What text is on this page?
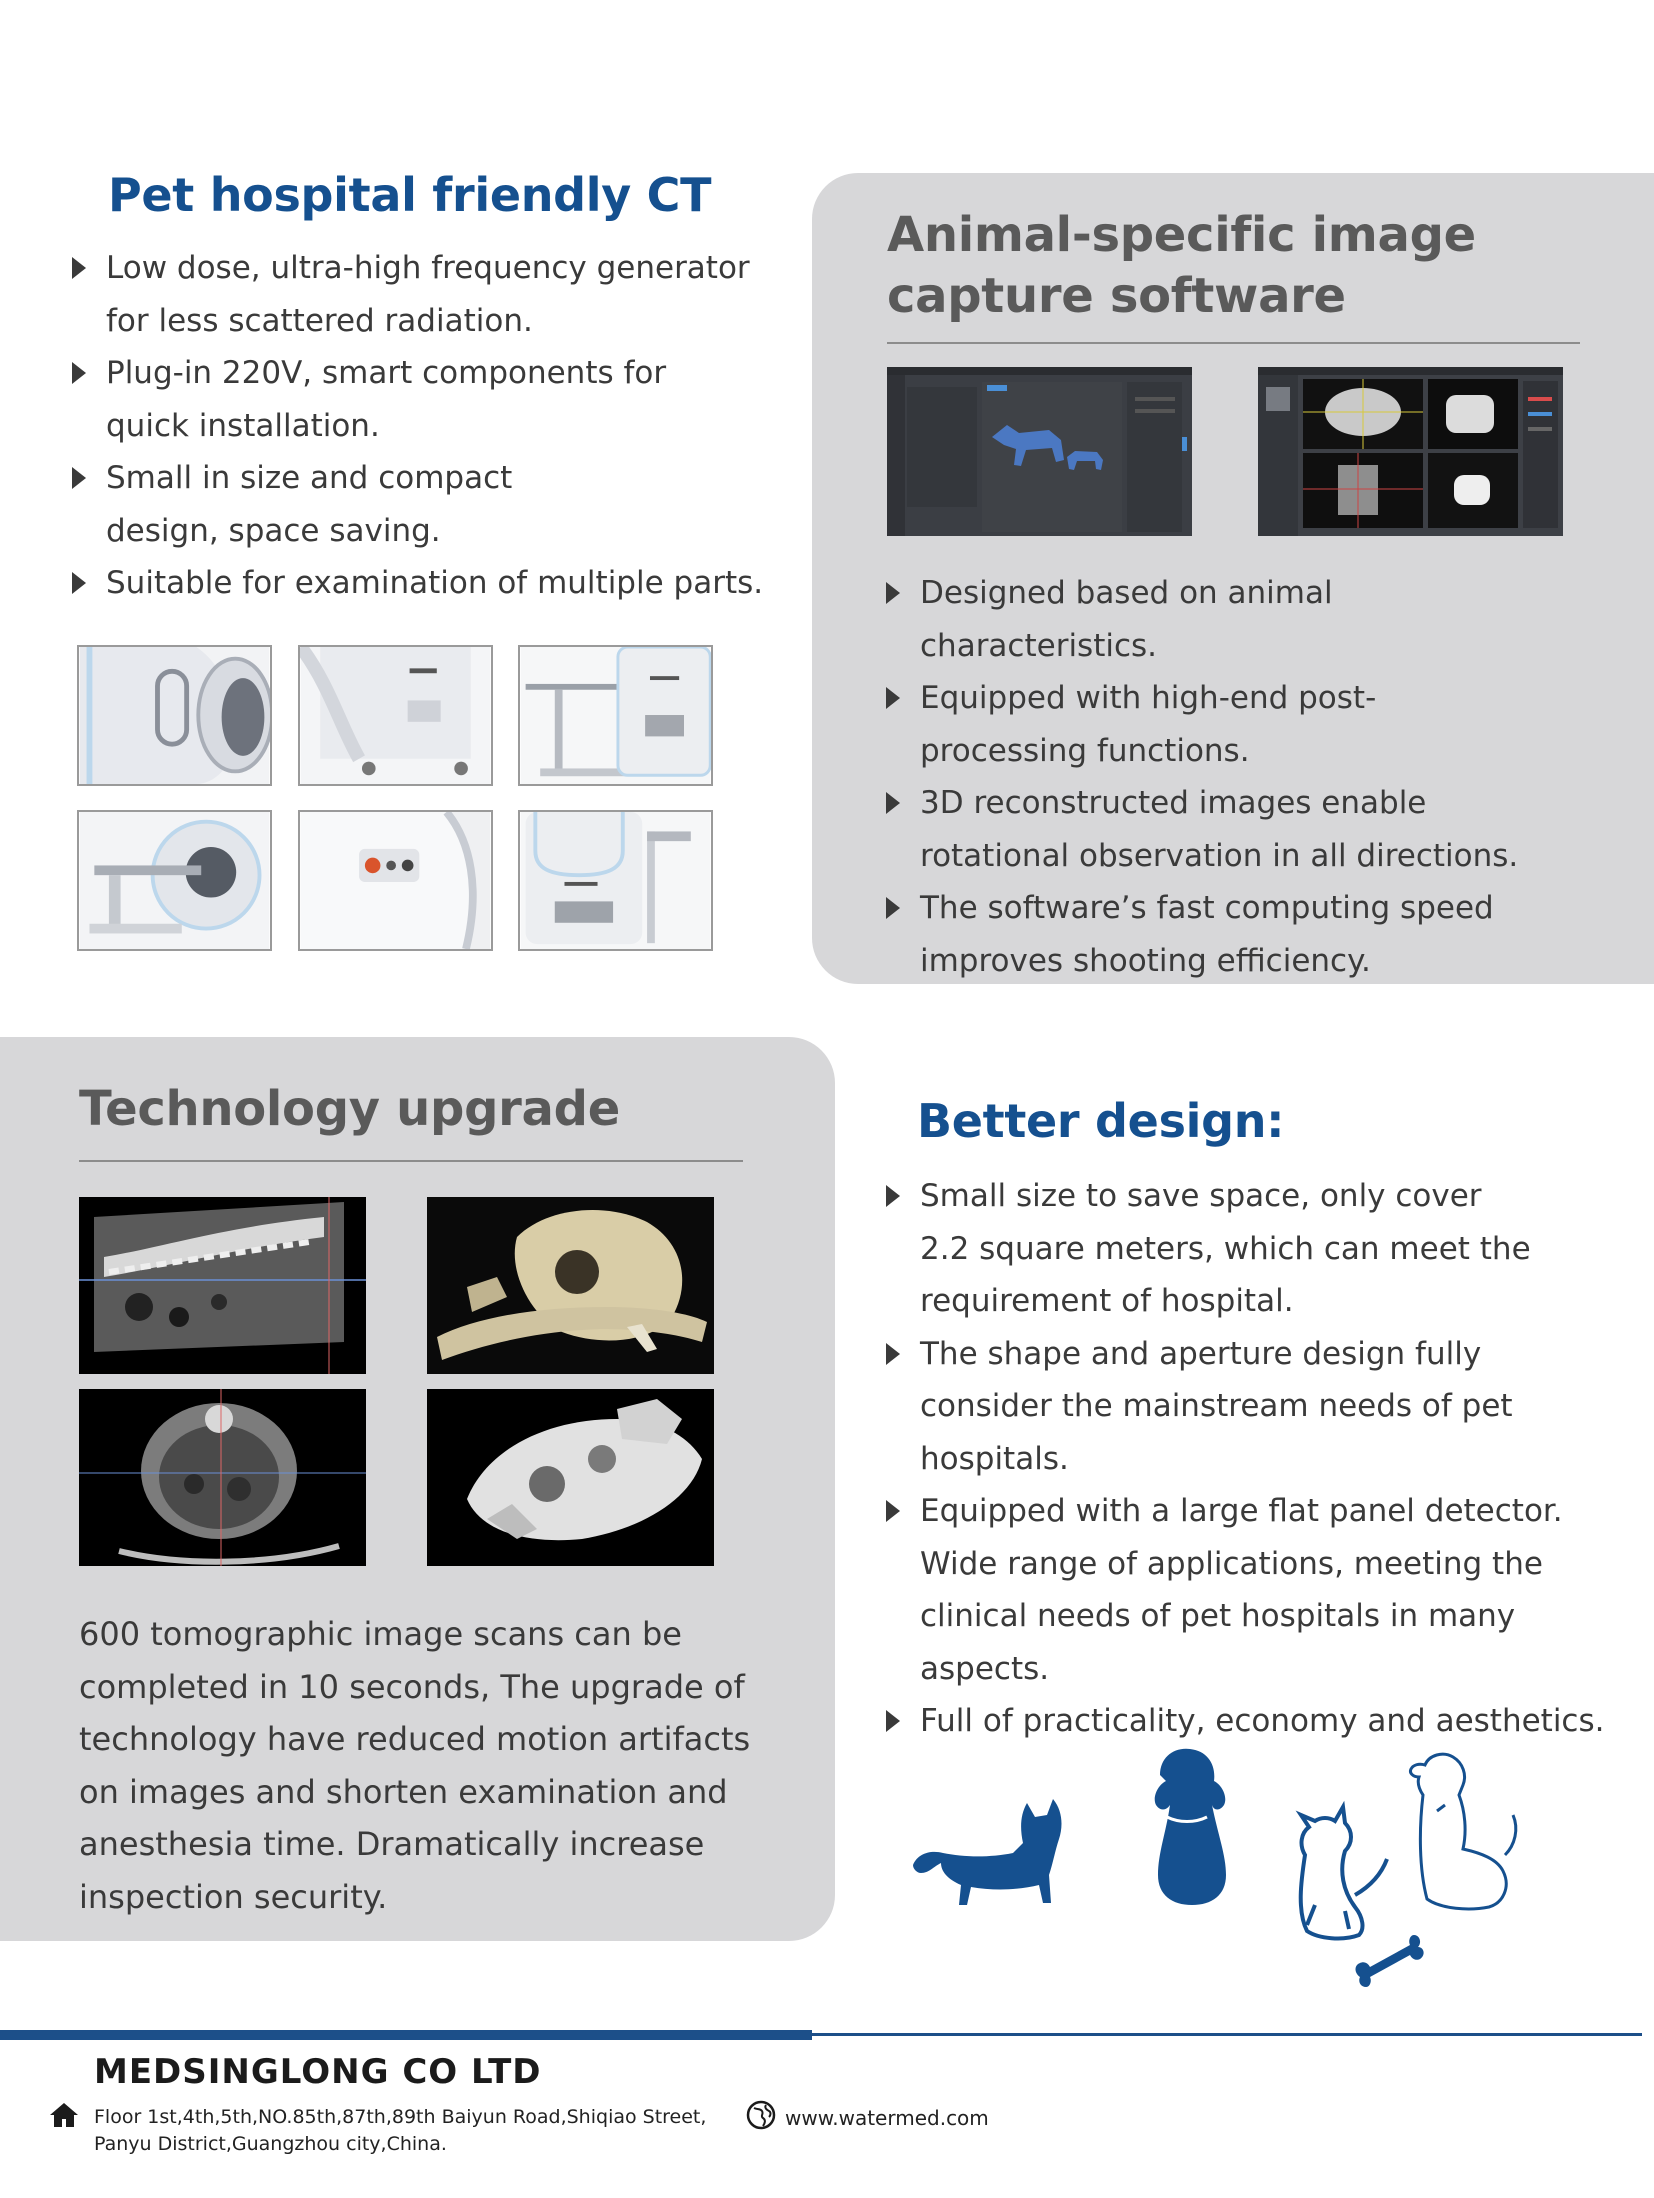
Pet hospital friendly CT
Low dose, ultra-high frequency generator for less scattered radiation.
Plug-in 220V, smart components for quick installation.
Small in size and compact design, space saving.
Suitable for examination of multiple parts.
Animal-specific image capture software
Designed based on animal characteristics.
Equipped with high-end post-processing functions.
3D reconstructed images enable rotational observation in all directions.
The software’s fast computing speed improves shooting efficiency.
Technology upgrade

600 tomographic image scans can be completed in 10 seconds, The upgrade of technology have reduced motion artifacts on images and shorten examination and anesthesia time. Dramatically increase inspection security.

Better design:
Small size to save space, only cover 2.2 square meters, which can meet the requirement of hospital.
The shape and aperture design fully consider the mainstream needs of pet hospitals.
Equipped with a large flat panel detector. Wide range of applications, meeting the clinical needs of pet hospitals in many aspects.
Full of practicality, economy and aesthetics.
MEDSINGLONG CO LTD
Floor 1st,4th,5th,NO.85th,87th,89th Baiyun Road,Shiqiao Street,
Panyu District,Guangzhou city,China.
www.watermed.com
